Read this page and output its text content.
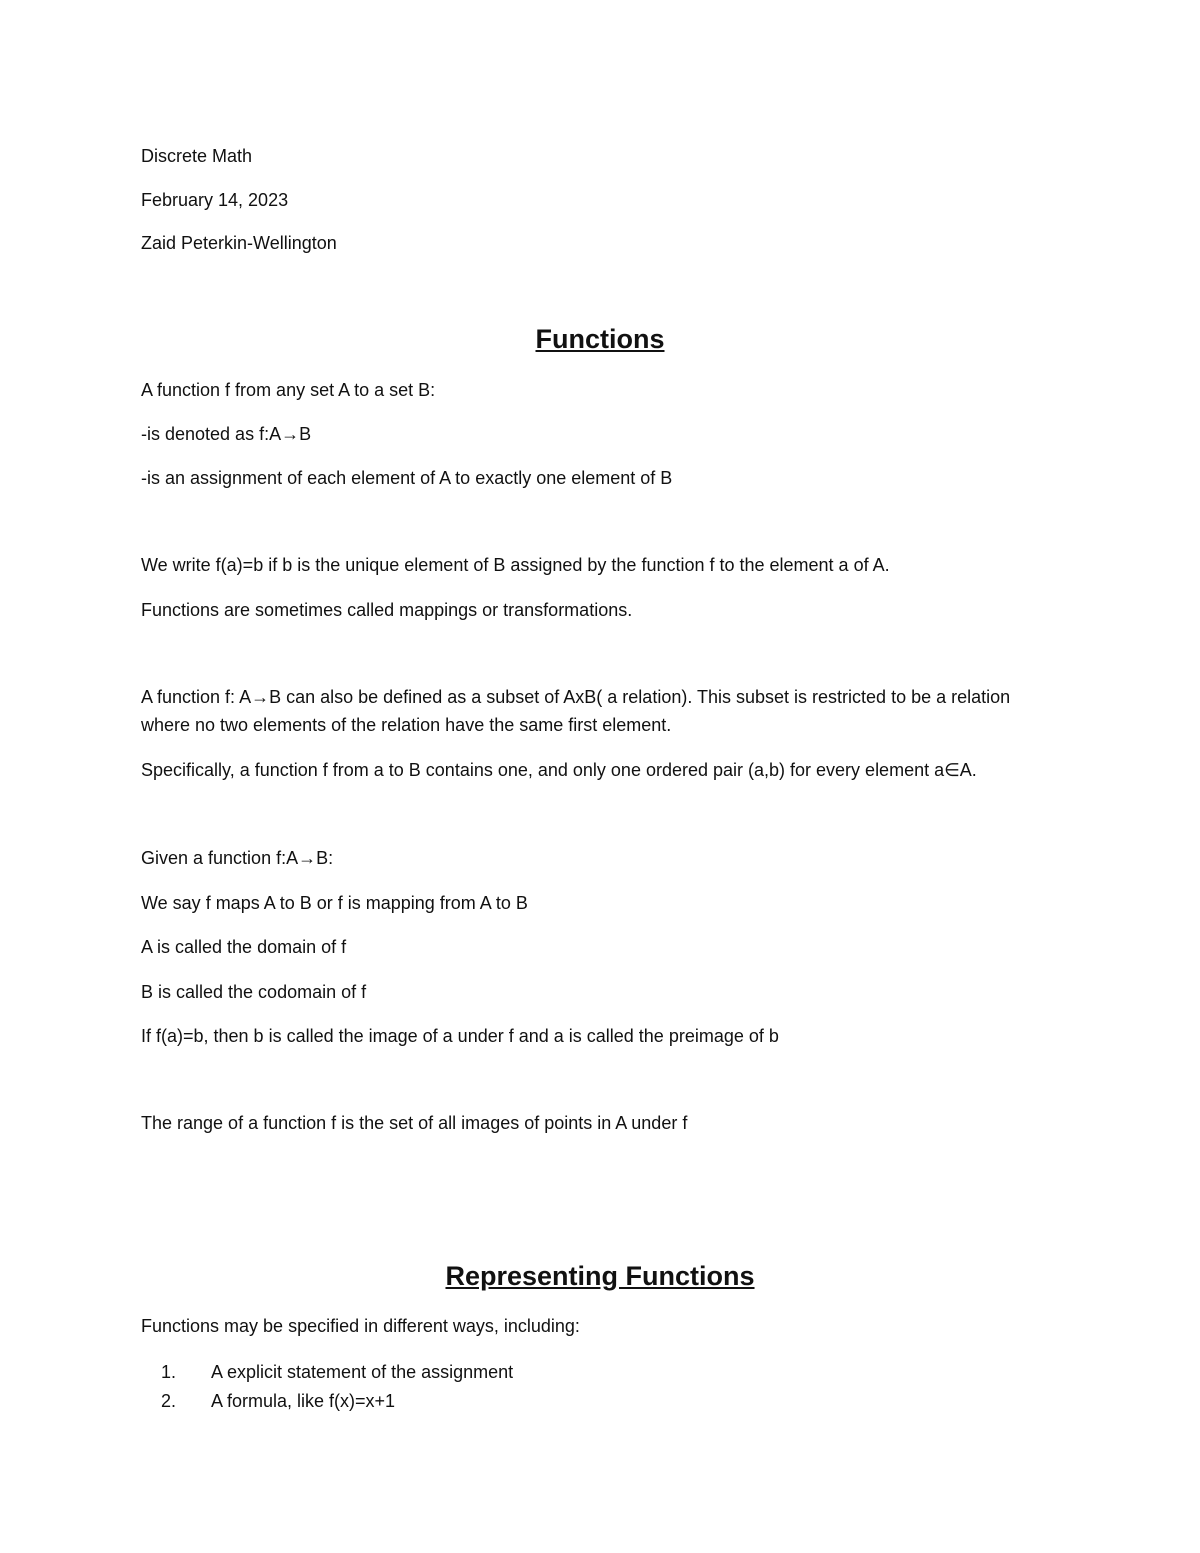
Discrete Math
February 14, 2023
Zaid Peterkin-Wellington
Functions
A function f from any set A to a set B:
-is denoted as f:A→B
-is an assignment of each element of A to exactly one element of B
We write f(a)=b if b is the unique element of B assigned by the function f to the element a of A.
Functions are sometimes called mappings or transformations.
A function f: A→B can also be defined as a subset of AxB( a relation). This subset is restricted to be a relation where no two elements of the relation have the same first element.
Specifically, a function f from a to B contains one, and only one ordered pair (a,b) for every element a∈A.
Given a function f:A→B:
We say f maps A to B or f is mapping from A to B
A is called the domain of f
B is called the codomain of f
If f(a)=b, then b is called the image of a under f and a is called the preimage of b
The range of a function f is the set of all images of points in A under f
Representing Functions
Functions may be specified in different ways, including:
1.	A explicit statement of the assignment
2.	A formula, like f(x)=x+1
